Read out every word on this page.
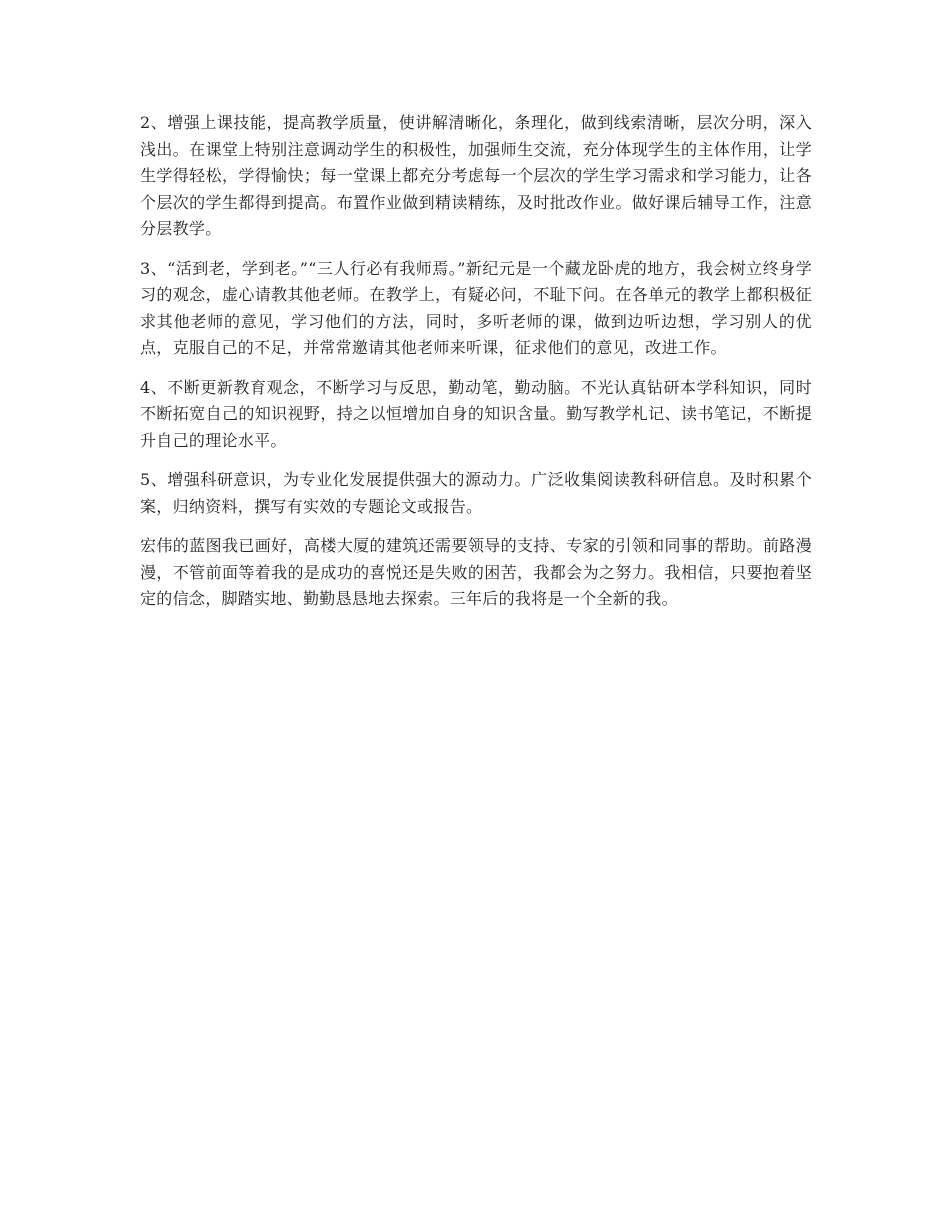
2、增强上课技能，提高教学质量，使讲解清晰化，条理化，做到线索清晰，层次分明，深入浅出。在课堂上特别注意调动学生的积极性，加强师生交流，充分体现学生的主体作用，让学生学得轻松，学得愉快；每一堂课上都充分考虑每一个层次的学生学习需求和学习能力，让各个层次的学生都得到提高。布置作业做到精读精练，及时批改作业。做好课后辅导工作，注意分层教学。

3、“活到老，学到老。”“三人行必有我师焉。”新纪元是一个藏龙卧虎的地方，我会树立终身学习的观念，虚心请教其他老师。在教学上，有疑必问，不耻下问。在各单元的教学上都积极征求其他老师的意见，学习他们的方法，同时，多听老师的课，做到边听边想，学习别人的优点，克服自己的不足，并常常邀请其他老师来听课，征求他们的意见，改进工作。

4、不断更新教育观念，不断学习与反思，勤动笔，勤动脑。不光认真钻研本学科知识，同时不断拓宽自己的知识视野，持之以恒增加自身的知识含量。勤写教学札记、读书笔记，不断提升自己的理论水平。

5、增强科研意识，为专业化发展提供强大的源动力。广泛收集阅读教科研信息。及时积累个案，归纳资料，撰写有实效的专题论文或报告。

宏伟的蓝图我已画好，高楼大厦的建筑还需要领导的支持、专家的引领和同事的帮助。前路漫漫，不管前面等着我的是成功的喜悦还是失败的困苦，我都会为之努力。我相信，只要抱着坚定的信念，脚踏实地、勤勤恳恳地去探索。三年后的我将是一个全新的我。
